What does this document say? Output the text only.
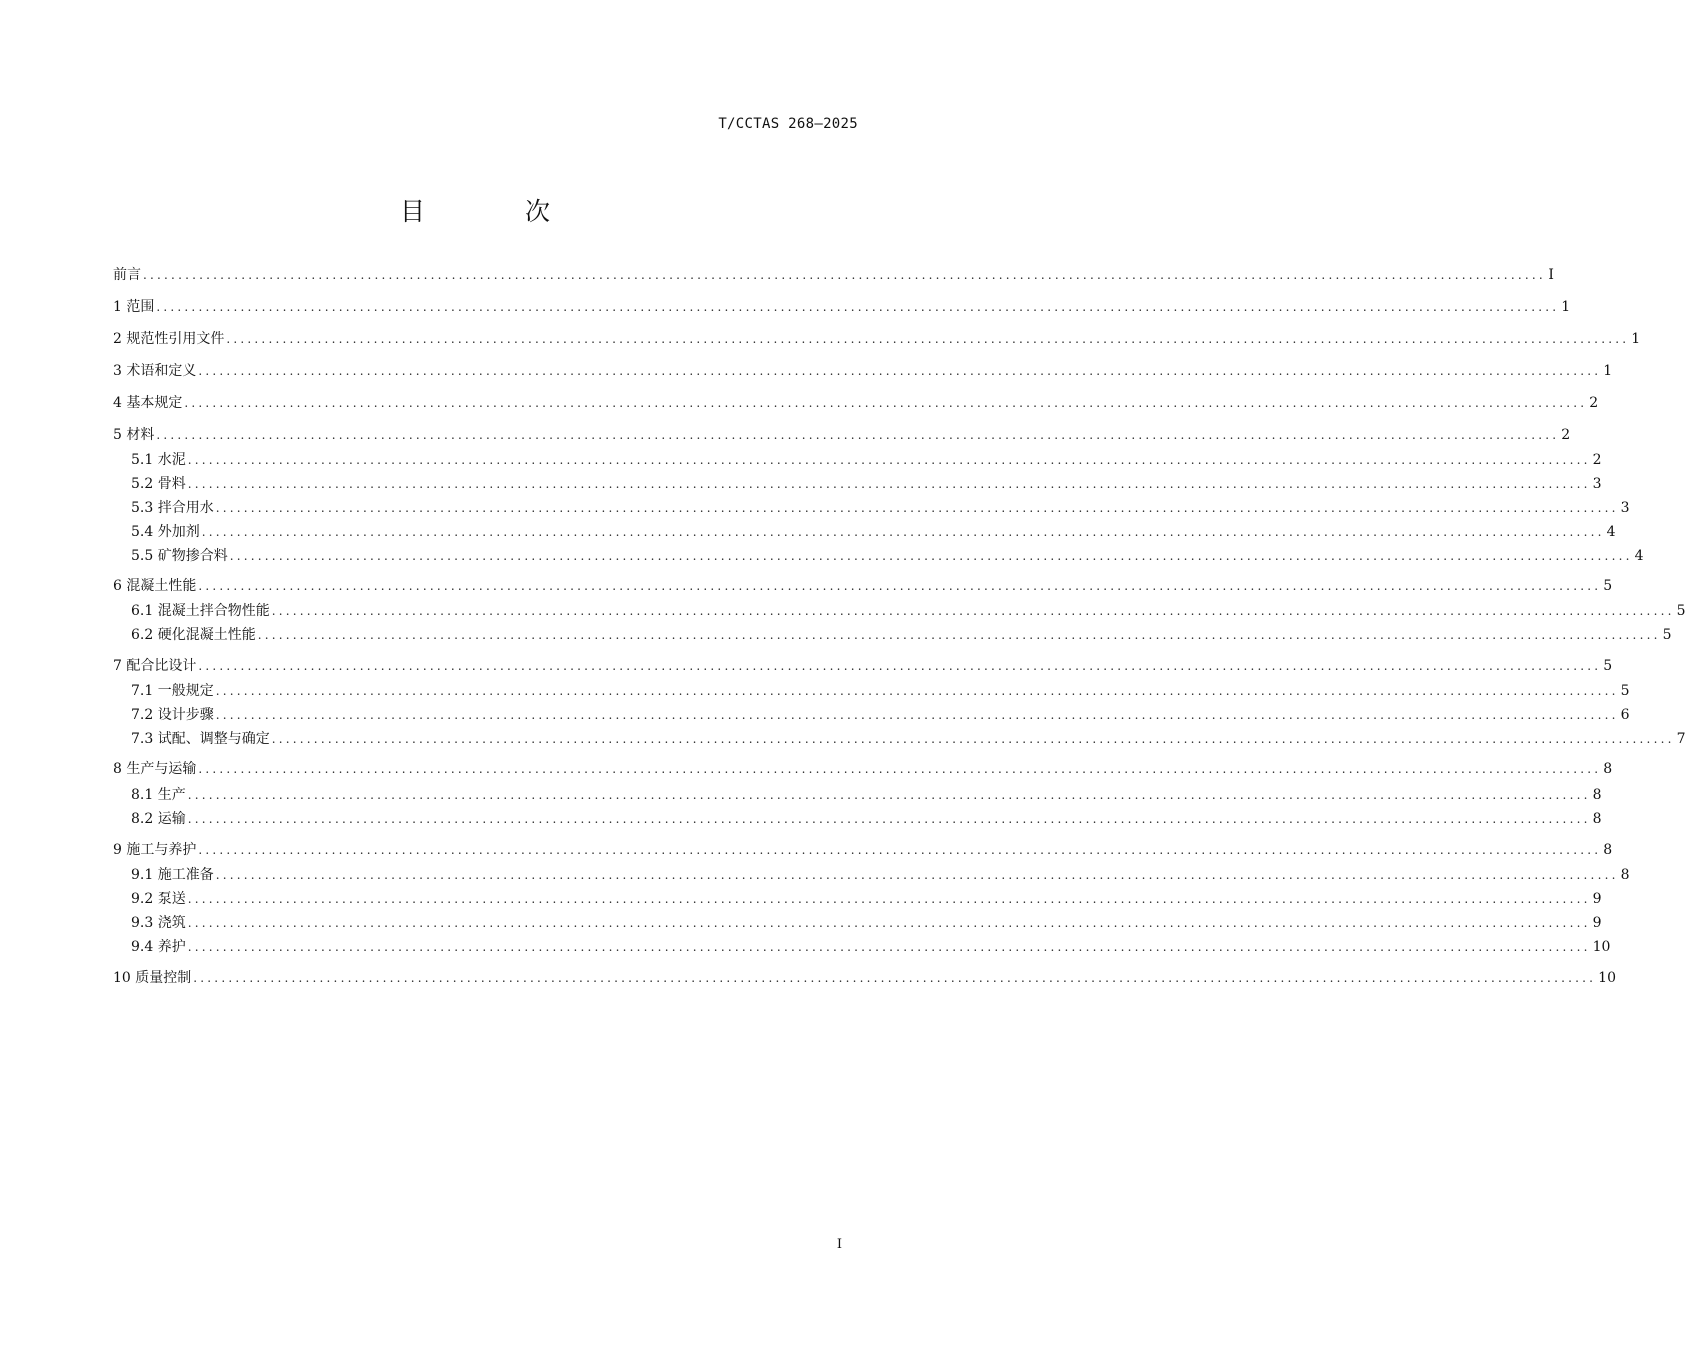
T/CCTAS 268—2025
目 次
前言 ........................................................................................................................................................................................................ I
1 范围 ........................................................................................................................................................................................................ 1
2 规范性引用文件 ........................................................................................................................................................................................................ 1
3 术语和定义 ........................................................................................................................................................................................................ 1
4 基本规定 ........................................................................................................................................................................................................ 2
5 材料 ........................................................................................................................................................................................................ 2
5.1 水泥 ........................................................................................................................................................................................................ 2
5.2 骨料 ........................................................................................................................................................................................................ 3
5.3 拌合用水 ........................................................................................................................................................................................................ 3
5.4 外加剂 ........................................................................................................................................................................................................ 4
5.5 矿物掺合料 ........................................................................................................................................................................................................ 4
6 混凝土性能 ........................................................................................................................................................................................................ 5
6.1 混凝土拌合物性能 ........................................................................................................................................................................................................ 5
6.2 硬化混凝土性能 ........................................................................................................................................................................................................ 5
7 配合比设计 ........................................................................................................................................................................................................ 5
7.1 一般规定 ........................................................................................................................................................................................................ 5
7.2 设计步骤 ........................................................................................................................................................................................................ 6
7.3 试配、调整与确定 ........................................................................................................................................................................................................ 7
8 生产与运输 ........................................................................................................................................................................................................ 8
8.1 生产 ........................................................................................................................................................................................................ 8
8.2 运输 ........................................................................................................................................................................................................ 8
9 施工与养护 ........................................................................................................................................................................................................ 8
9.1 施工准备 ........................................................................................................................................................................................................ 8
9.2 泵送 ........................................................................................................................................................................................................ 9
9.3 浇筑 ........................................................................................................................................................................................................ 9
9.4 养护 ........................................................................................................................................................................................................ 10
10 质量控制 ........................................................................................................................................................................................................ 10
I
